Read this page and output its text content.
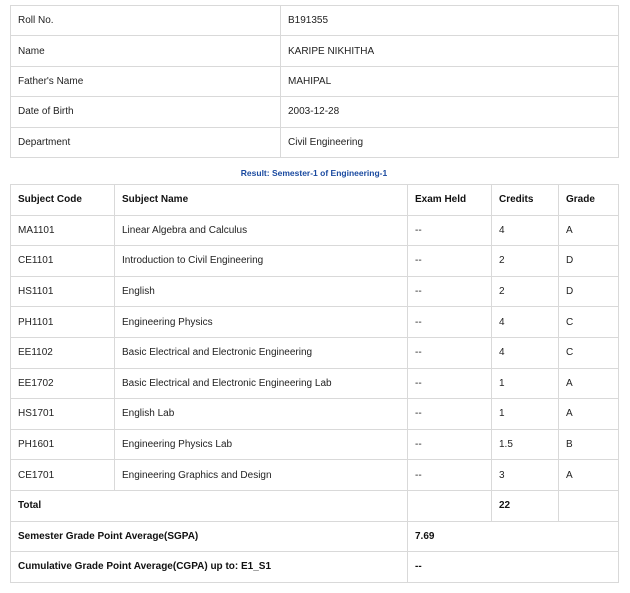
Roll No.	B191355
Name	KARIPE NIKHITHA
Father's Name	MAHIPAL
Date of Birth	2003-12-28
Department	Civil Engineering
Result: Semester-1 of Engineering-1
Subject Code	Subject Name	Exam Held	Credits	Grade
MA1101	Linear Algebra and Calculus	--	4	A
CE1101	Introduction to Civil Engineering	--	2	D
HS1101	English	--	2	D
PH1101	Engineering Physics	--	4	C
EE1102	Basic Electrical and Electronic Engineering	--	4	C
EE1702	Basic Electrical and Electronic Engineering Lab	--	1	A
HS1701	English Lab	--	1	A
PH1601	Engineering Physics Lab	--	1.5	B
CE1701	Engineering Graphics and Design	--	3	A
Total			22	
Semester Grade Point Average(SGPA)		7.69		
Cumulative Grade Point Average(CGPA) up to: E1_S1		--		
